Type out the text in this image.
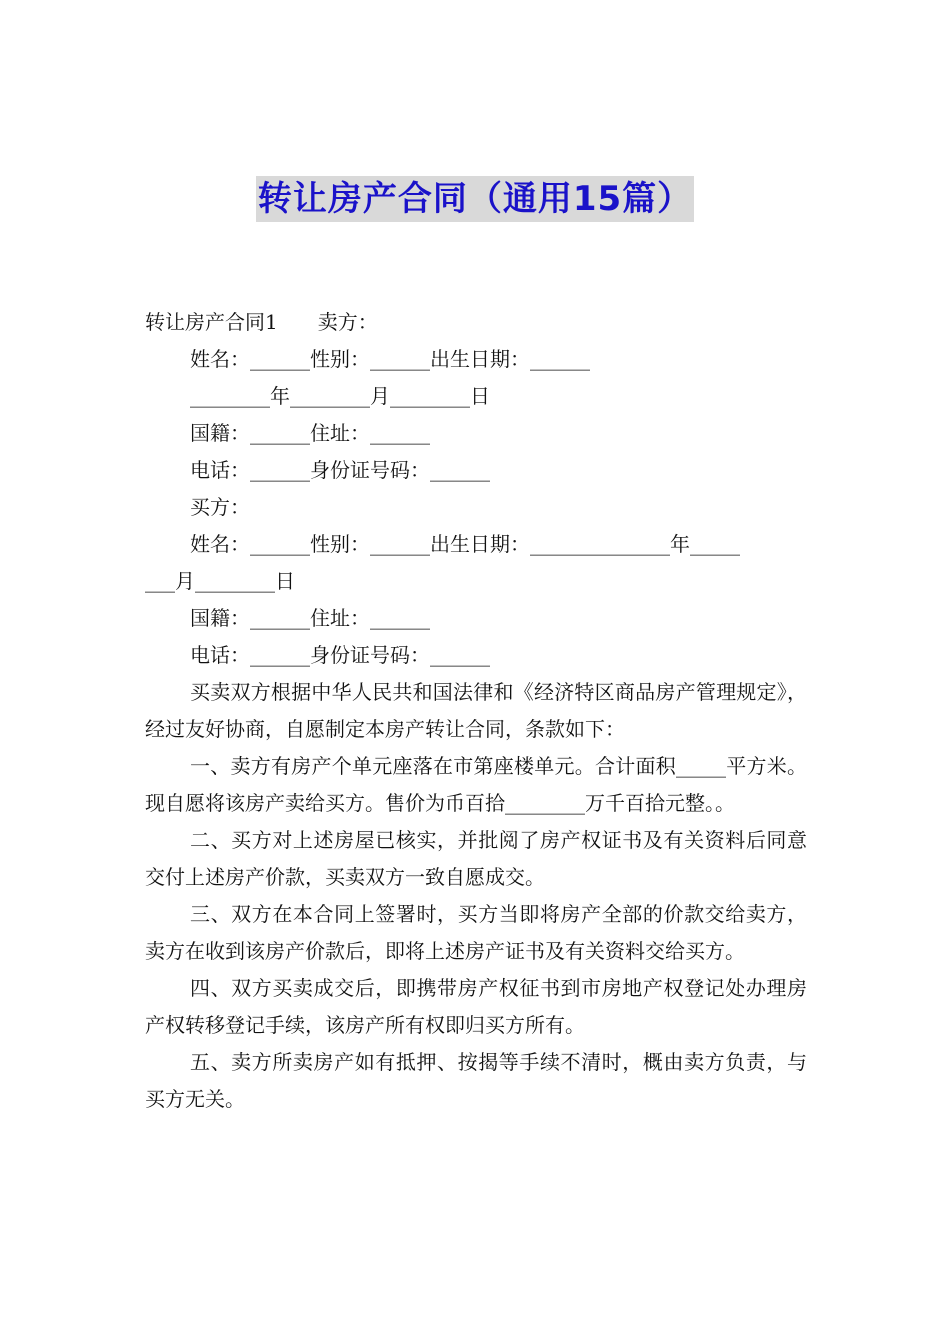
转让房产合同（通用15篇）
转让房产合同1 卖方：
姓名：______性别：______出生日期：______
________年________月________日
国籍：______住址：______
电话：______身份证号码：______
买方：
姓名：______性别：______出生日期：______________年_____
___月________日
国籍：______住址：______
电话：______身份证号码：______
买卖双方根据中华人民共和国法律和《经济特区商品房产管理规定》，经过友好协商，自愿制定本房产转让合同，条款如下：
一、卖方有房产个单元座落在市第座楼单元。合计面积_____平方米。现自愿将该房产卖给买方。售价为币百拾________万千百拾元整。。
二、买方对上述房屋已核实，并批阅了房产权证书及有关资料后同意交付上述房产价款，买卖双方一致自愿成交。
三、双方在本合同上签署时，买方当即将房产全部的价款交给卖方，卖方在收到该房产价款后，即将上述房产证书及有关资料交给买方。
四、双方买卖成交后，即携带房产权征书到市房地产权登记处办理房产权转移登记手续，该房产所有权即归买方所有。
五、卖方所卖房产如有抵押、按揭等手续不清时，概由卖方负责，与买方无关。
